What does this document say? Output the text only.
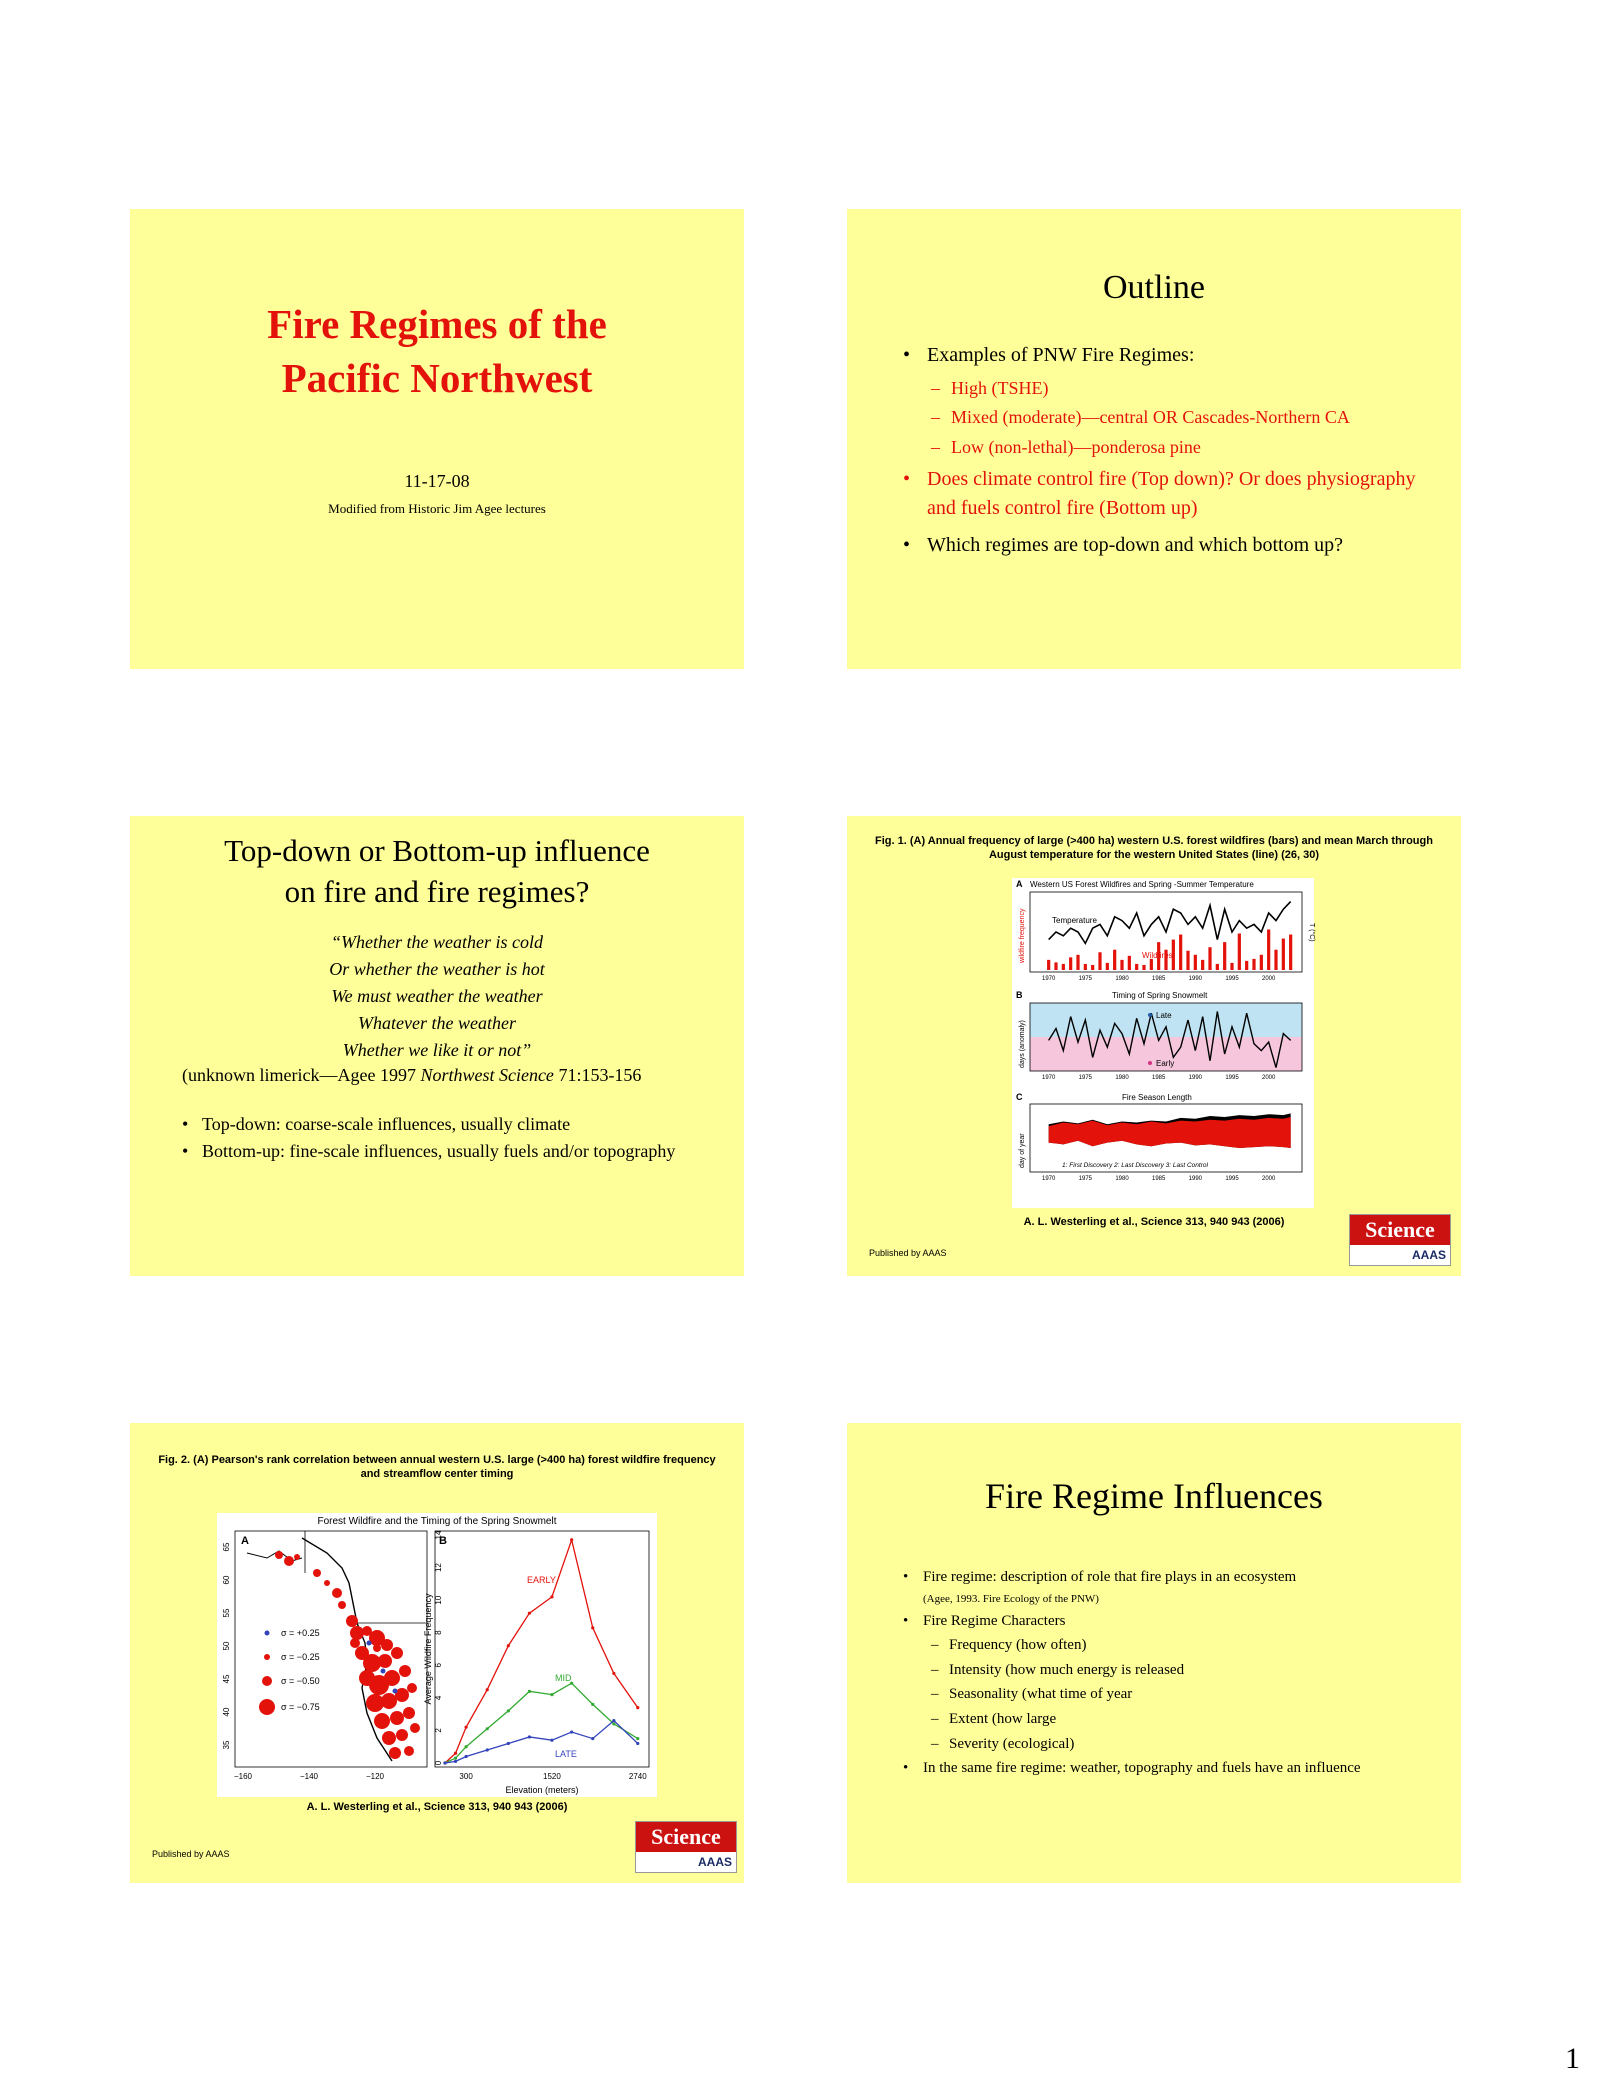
Fire Regimes of the
Pacific Northwest
11-17-08
Modified from Historic Jim Agee lectures
Outline
• Examples of PNW Fire Regimes:
– High (TSHE)
– Mixed (moderate)—central OR Cascades-Northern CA
– Low (non-lethal)—ponderosa pine
• Does climate control fire (Top down)? Or does physiography and fuels control fire (Bottom up)
• Which regimes are top-down and which bottom up?
Top-down or Bottom-up influence
on fire and fire regimes?
“Whether the weather is cold
Or whether the weather is hot
We must weather the weather
Whatever the weather
Whether we like it or not”
(unknown limerick—Agee 1997 Northwest Science 71:153-156
• Top-down: coarse-scale influences, usually climate
• Bottom-up: fine-scale influences, usually fuels and/or topography
Fig. 1. (A) Annual frequency of large (>400 ha) western U.S. forest wildfires (bars) and mean March through August temperature for the western United States (line) (26, 30)
A Western US Forest Wildfires and Spring -Summer Temperature
Temperature
Wildfires
wildfire frequency	T (°C)
1970	1975	1980	1985	1990	1995	2000
B	Timing of Spring Snowmelt
Late
Early
days (anomaly)
1970	1975	1980	1985	1990	1995	2000
C	Fire Season Length
1: First Discovery 2: Last Discovery 3: Last Control
day of year
1970	1975	1980	1985	1990	1995	2000
A. L. Westerling et al., Science 313, 940 943 (2006)
Published by AAAS
Science
AAAS
Fig. 2. (A) Pearson's rank correlation between annual western U.S. large (>400 ha) forest wildfire frequency and streamflow center timing
Forest Wildfire and the Timing of the Spring Snowmelt
A
σ = +0.25
σ = −0.25
σ = −0.50
σ = −0.75
−160	−140	−120
35
40
45
50
55
60
65	B
0
2
4
6
8
10
12
14
300	1520	2740
Average Wildfire Frequency
Elevation (meters)
EARLY
MID
LATE
A. L. Westerling et al., Science 313, 940 943 (2006)
Published by AAAS
Science
AAAS
Fire Regime Influences
• Fire regime: description of role that fire plays in an ecosystem
(Agee, 1993. Fire Ecology of the PNW)
• Fire Regime Characters
– Frequency (how often)
– Intensity (how much energy is released
– Seasonality (what time of year
– Extent (how large
– Severity (ecological)
• In the same fire regime: weather, topography and fuels have an influence
1
